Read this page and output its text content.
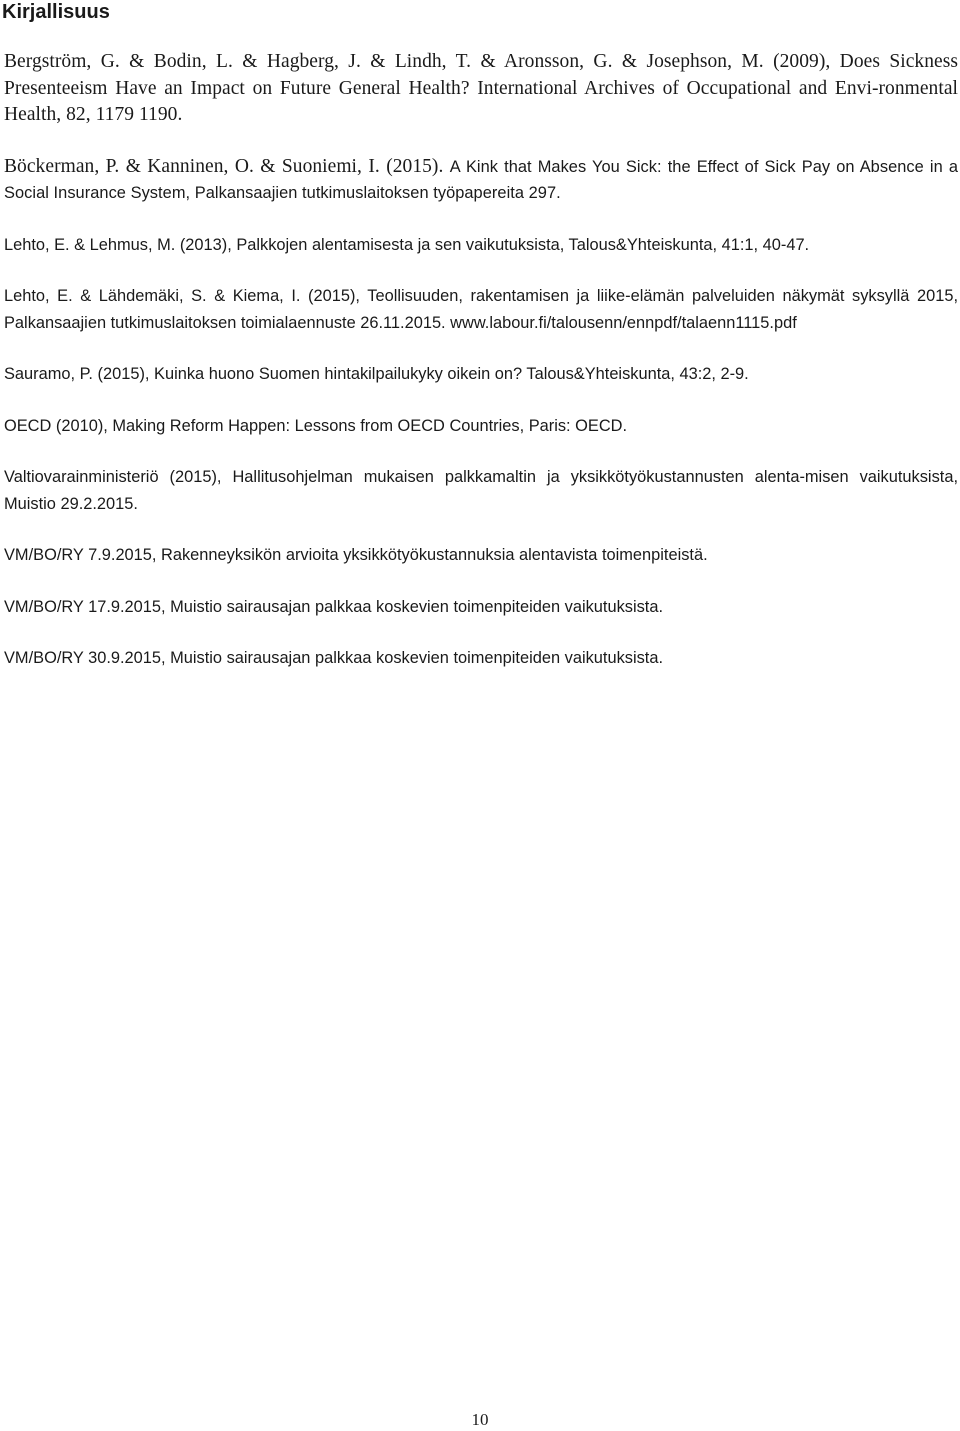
Kirjallisuus

Bergström, G. & Bodin, L. & Hagberg, J. & Lindh, T. & Aronsson, G. & Josephson, M. (2009), Does Sickness Presenteeism Have an Impact on Future General Health? International Archives of Occupational and Envi-ronmental Health, 82, 1179 1190.

Böckerman, P. & Kanninen, O. & Suoniemi, I. (2015). A Kink that Makes You Sick: the Effect of Sick Pay on Absence in a Social Insurance System, Palkansaajien tutkimuslaitoksen työpapereita 297.

Lehto, E. & Lehmus, M. (2013), Palkkojen alentamisesta ja sen vaikutuksista, Talous&Yhteiskunta, 41:1, 40-47.

Lehto, E. & Lähdemäki, S. & Kiema, I. (2015), Teollisuuden, rakentamisen ja liike-elämän palveluiden näkymät syksyllä 2015, Palkansaajien tutkimuslaitoksen toimialaennuste 26.11.2015. www.labour.fi/talousenn/ennpdf/talaenn1115.pdf

Sauramo, P. (2015), Kuinka huono Suomen hintakilpailukyky oikein on? Talous&Yhteiskunta, 43:2, 2-9.

OECD (2010), Making Reform Happen: Lessons from OECD Countries, Paris: OECD.

Valtiovarainministeriö (2015), Hallitusohjelman mukaisen palkkamaltin ja yksikkötyökustannusten alenta-misen vaikutuksista, Muistio 29.2.2015.

VM/BO/RY 7.9.2015, Rakenneyksikön arvioita yksikkötyökustannuksia alentavista toimenpiteistä.

VM/BO/RY 17.9.2015, Muistio sairausajan palkkaa koskevien toimenpiteiden vaikutuksista.

VM/BO/RY 30.9.2015, Muistio sairausajan palkkaa koskevien toimenpiteiden vaikutuksista.

10
